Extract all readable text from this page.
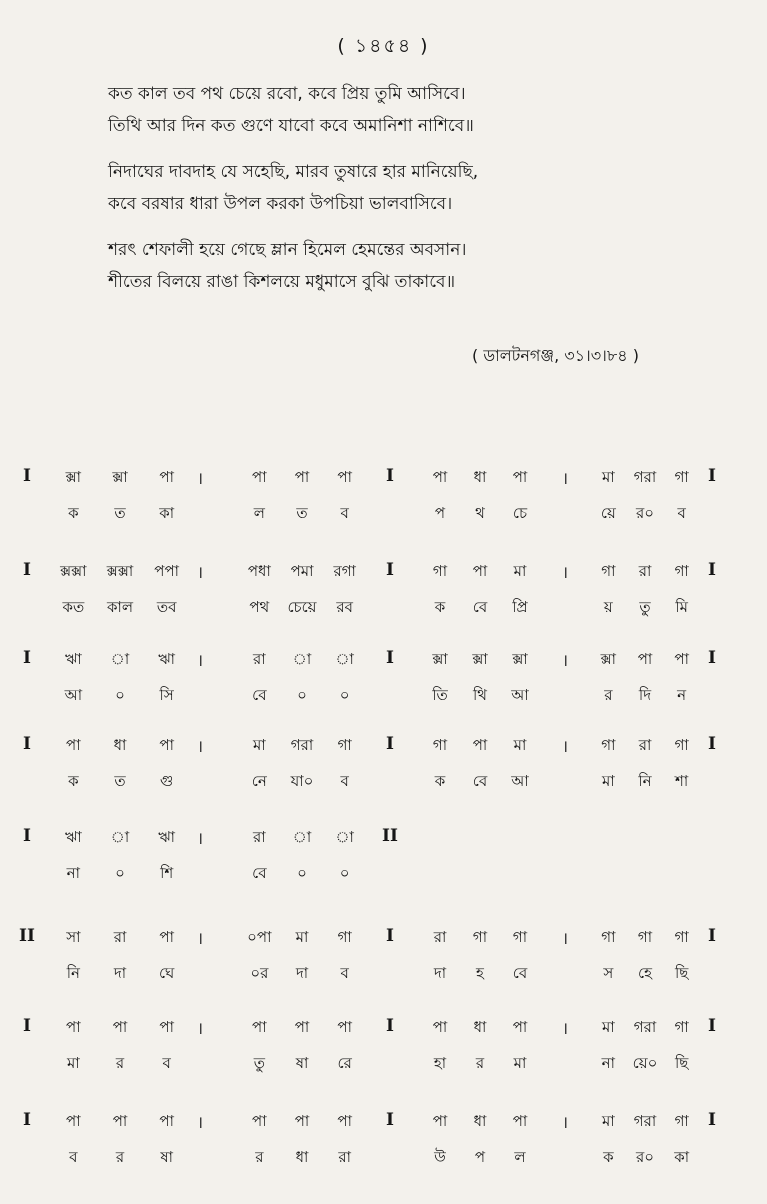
( ১৪৫৪ )
কত কাল তব পথ চেয়ে রবো, কবে প্রিয় তুমি আসিবে।
তিথি আর দিন কত গুণে যাবো কবে অমানিশা নাশিবে॥
নিদাঘের দাবদাহ যে সহেছি, মারব তুষারে হার মানিয়েছি,
কবে বরষার ধারা উপল করকা উপচিয়া ভালবাসিবে।
শরৎ শেফালী হয়ে গেছে ম্লান হিমেল হেমন্তের অবসান।
শীতের বিলয়ে রাঙা কিশলয়ে মধুমাসে বুঝি তাকাবে॥
( ডালটনগঞ্জ, ৩১।৩।৮৪ )
I ক্সা ক্সা পা ।	পা পা পা I	পা ধা পা । মা গরা গা I
ক ত কা	ল ত ব	প থ চে	য়ে র০ ব
I ক্সক্সা ক্সক্সা পপা ।	পধা পমা রগা I	গা পা মা । গা রা গা I
কত কাল তব	পথ চেয়ে রব	ক বে প্রি	য় তু মি
I ঋা া ঋা ।	রা া া I	ক্সা ক্সা ক্সা । ক্সা পা পা I
আ ০ সি	বে ০ ০	তি থি আ	র দি ন
I পা ধা পা ।	মা গরা গা I	গা পা মা । গা রা গা I
ক ত গু	নে যা০ ব	ক বে আ	মা নি শা
I ঋা া ঋা ।	রা া া II
না ০ শি	বে ০ ০
II সা রা পা ।	০পা মা গা I	রা গা গা । গা গা গা I
নি দা ঘে	০র দা ব	দা হ বে	স হে ছি
I পা পা পা ।	পা পা পা I	পা ধা পা । মা গরা গা I
মা র	ব	তু ষা রে	হা র মা	না য়ে০ ছি
I পা পা পা ।	পা পা পা I	পা ধা পা । মা গরা গা I
ব	র ষা	র ধা রা	উ প ল	ক র০ কা
